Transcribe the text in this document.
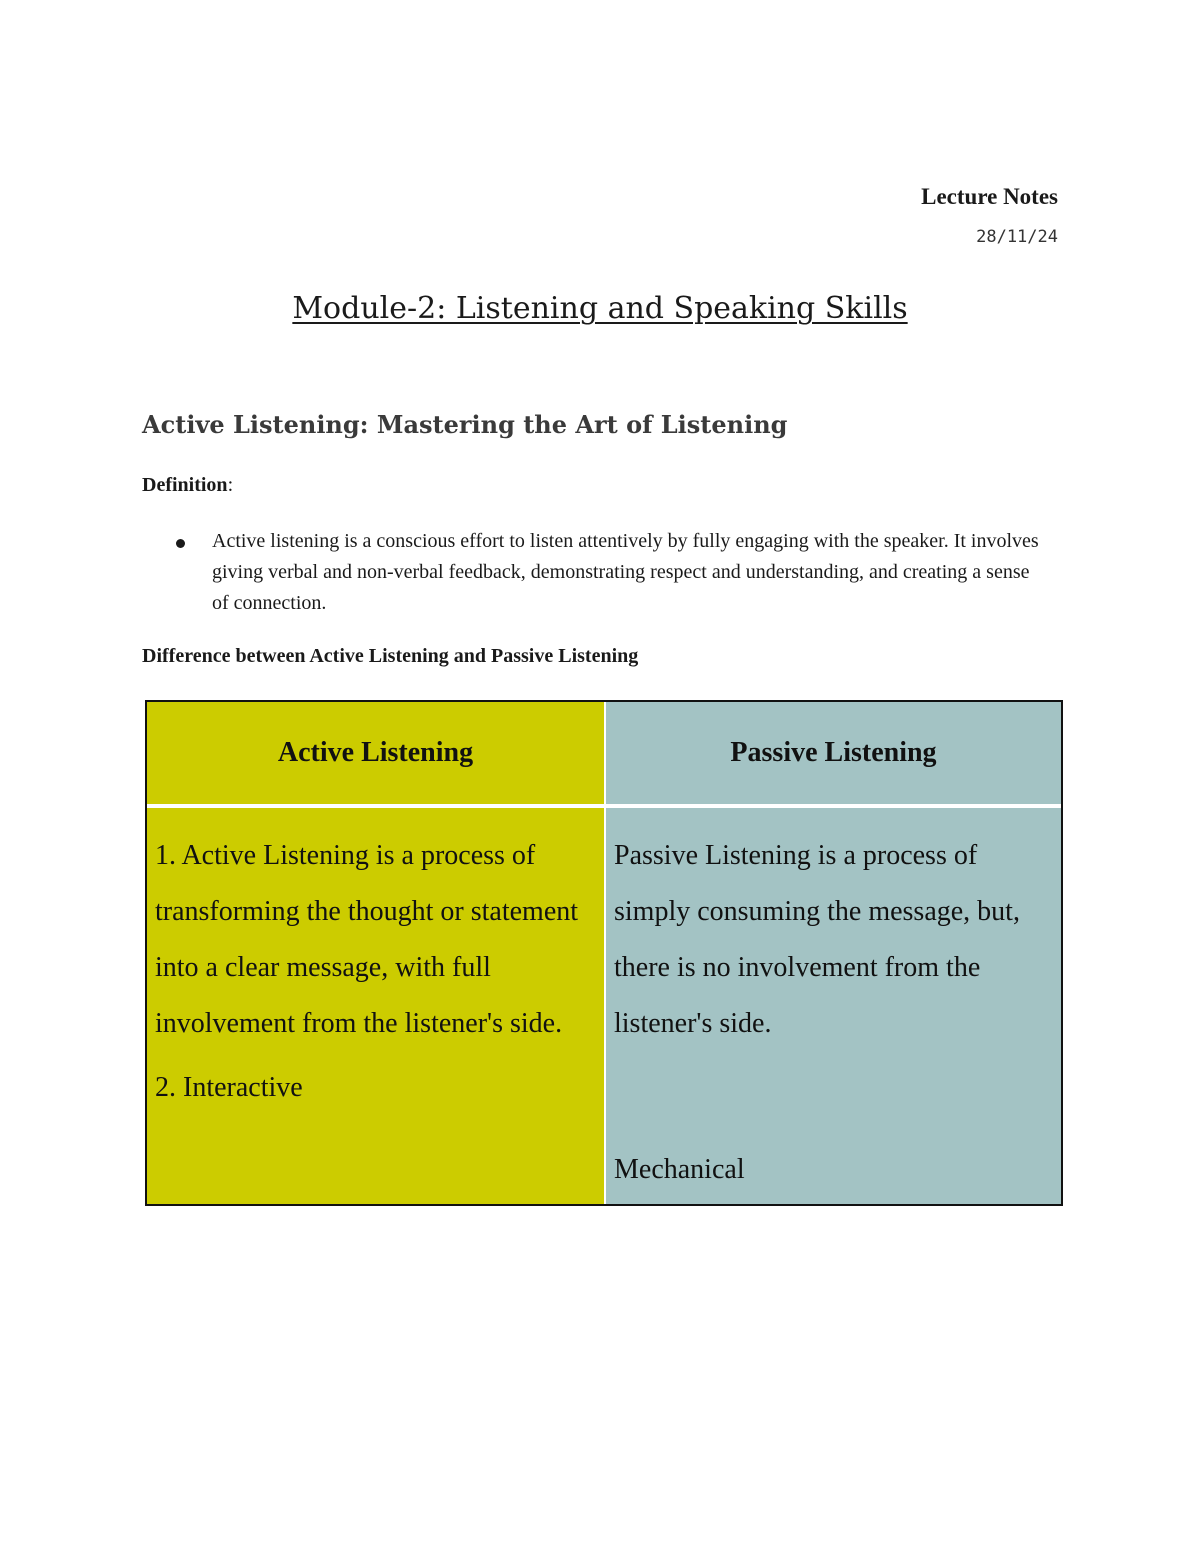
Lecture Notes
28/11/24
Module-2: Listening and Speaking Skills
Active Listening: Mastering the Art of Listening
Definition:
Active listening is a conscious effort to listen attentively by fully engaging with the speaker. It involves giving verbal and non-verbal feedback, demonstrating respect and understanding, and creating a sense of connection.
Difference between Active Listening and Passive Listening
Active Listening	Passive Listening
1. Active Listening is a process of transforming the thought or statement into a clear message, with full involvement from the listener's side.
2. Interactive
Passive Listening is a process of simply consuming the message, but, there is no involvement from the listener's side.
Mechanical
